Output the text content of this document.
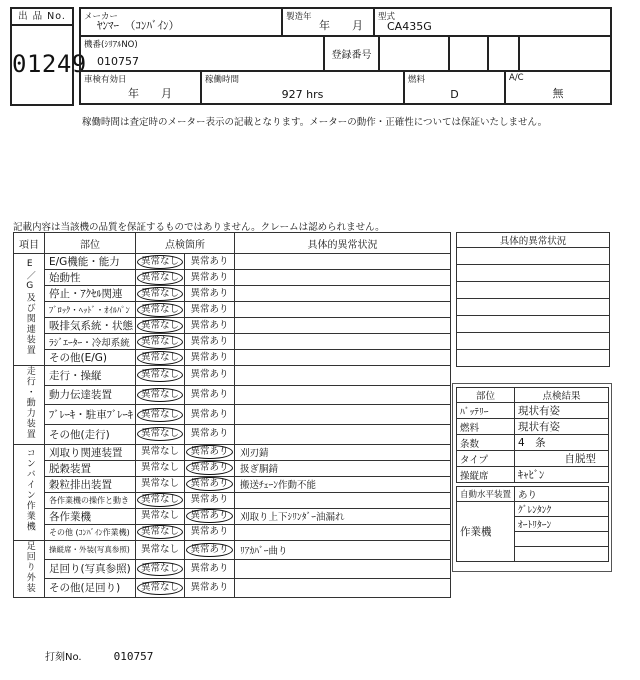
出 品 No.
01249
メーカー
ﾔﾝﾏｰ　（ｺﾝﾊﾞｲﾝ）
製造年
年　　月
型式
CA435G
機番(ｼﾘｱﾙNO)
010757	登録番号
車検有効日
年　　月
稼働時間
927 hrs
燃料
D
A/C
無
稼働時間は査定時のメーター表示の記載となります。メーターの動作・正確性については保証いたしません。
記載内容は当該機の品質を保証するものではありません。クレームは認められません。
項目	部位	点検箇所		具体的異常状況
E／G及び関連装置	E/G機能・能力	異常なし	異常あり	
	始動性	異常なし	異常あり	
	停止・ｱｸｾﾙ関連	異常なし	異常あり	
	ﾌﾞﾛｯｸ・ﾍｯﾄﾞ・ｵｲﾙﾊﾟﾝ	異常なし	異常あり	
	吸排気系統・状態	異常なし	異常あり	
	ﾗｼﾞｴｰﾀｰ・冷却系統	異常なし	異常あり	
	その他(E/G)	異常なし	異常あり	
走行・動力装置	走行・操縦	異常なし	異常あり	
	動力伝達装置	異常なし	異常あり	
	ﾌﾞﾚｰｷ・駐車ﾌﾞﾚｰｷ	異常なし	異常あり	
	その他(走行)	異常なし	異常あり	
コンバイン作業機	刈取り関連装置	異常なし	異常あり	刈刃錆
	脱穀装置	異常なし	異常あり	扱ぎ胴錆
	穀粒排出装置	異常なし	異常あり	搬送ﾁｪｰﾝ作動不能
	各作業機の操作と動き	異常なし	異常あり	
	各作業機	異常なし	異常あり	刈取り上下ｼﾘﾝﾀﾞｰ油漏れ
	その他 (ｺﾝﾊﾞｲﾝ作業機)	異常なし	異常あり	
足回り外装	操縦席・外装(写真参照)	異常なし	異常あり	ﾘｱｶﾊﾞｰ曲り
	足回り(写真参照)	異常なし	異常あり	
	その他(足回り)	異常なし	異常あり	
具体的異常状況

部位	点検結果
ﾊﾞｯﾃﾘｰ	現状有姿
燃料	現状有姿
条数	4　条
タイプ	自脱型
操縦席	ｷｬﾋﾞﾝ
自動水平装置	あり
作業機	ｸﾞﾚﾝﾀﾝｸ
	ｵｰﾄﾘﾀｰﾝ

打刻No.	010757
